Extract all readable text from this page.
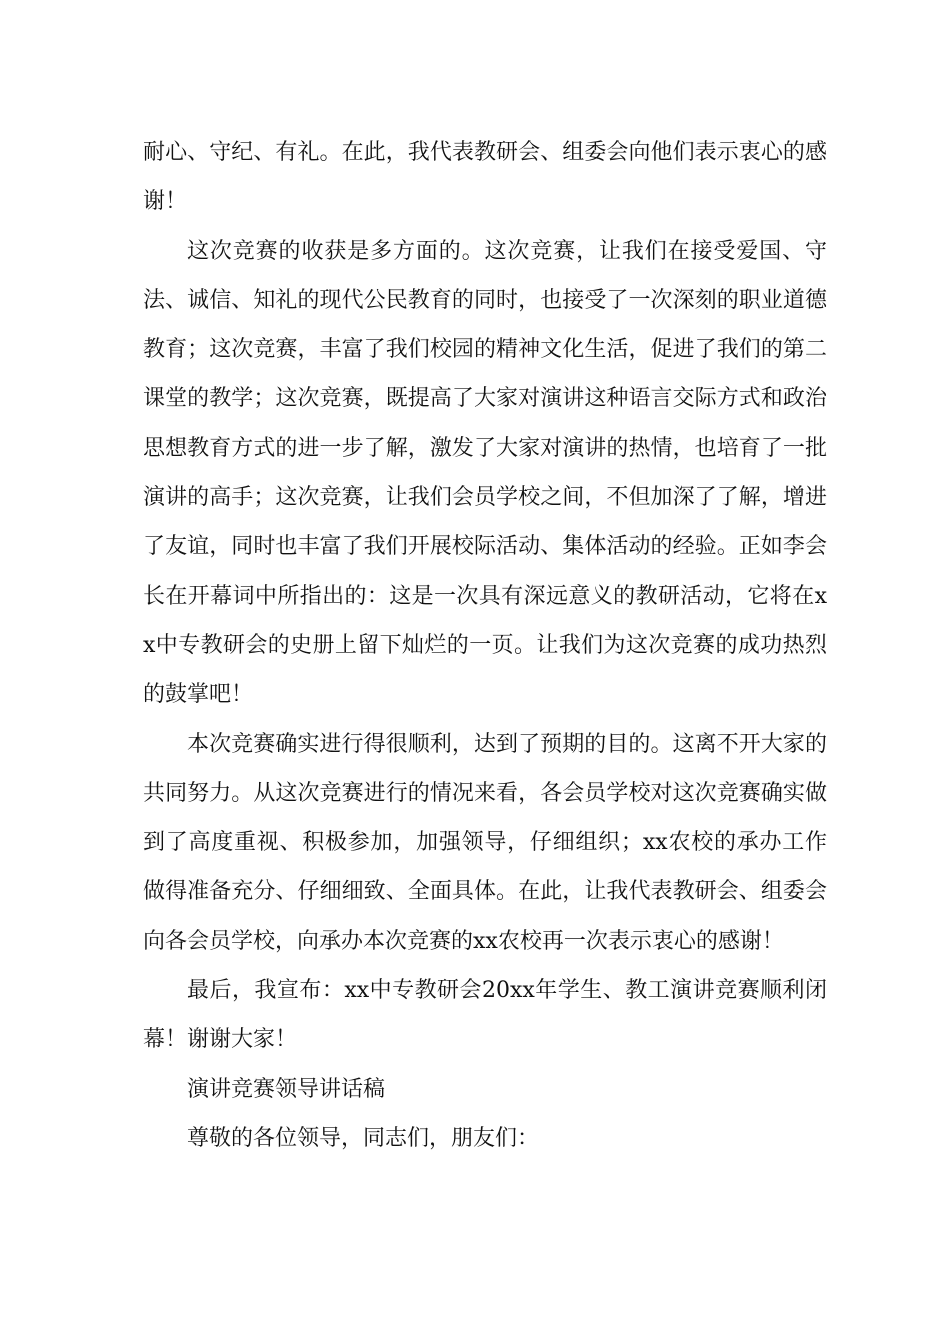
耐心、守纪、有礼。在此，我代表教研会、组委会向他们表示衷心的感谢！

这次竞赛的收获是多方面的。这次竞赛，让我们在接受爱国、守法、诚信、知礼的现代公民教育的同时，也接受了一次深刻的职业道德教育；这次竞赛，丰富了我们校园的精神文化生活，促进了我们的第二课堂的教学；这次竞赛，既提高了大家对演讲这种语言交际方式和政治思想教育方式的进一步了解，激发了大家对演讲的热情，也培育了一批演讲的高手；这次竞赛，让我们会员学校之间，不但加深了了解，增进了友谊，同时也丰富了我们开展校际活动、集体活动的经验。正如李会长在开幕词中所指出的：这是一次具有深远意义的教研活动，它将在xx中专教研会的史册上留下灿烂的一页。让我们为这次竞赛的成功热烈的鼓掌吧！

本次竞赛确实进行得很顺利，达到了预期的目的。这离不开大家的共同努力。从这次竞赛进行的情况来看，各会员学校对这次竞赛确实做到了高度重视、积极参加，加强领导，仔细组织；xx农校的承办工作做得准备充分、仔细细致、全面具体。在此，让我代表教研会、组委会向各会员学校，向承办本次竞赛的xx农校再一次表示衷心的感谢！

最后，我宣布：xx中专教研会20xx年学生、教工演讲竞赛顺利闭幕！谢谢大家！

演讲竞赛领导讲话稿

尊敬的各位领导，同志们，朋友们：
